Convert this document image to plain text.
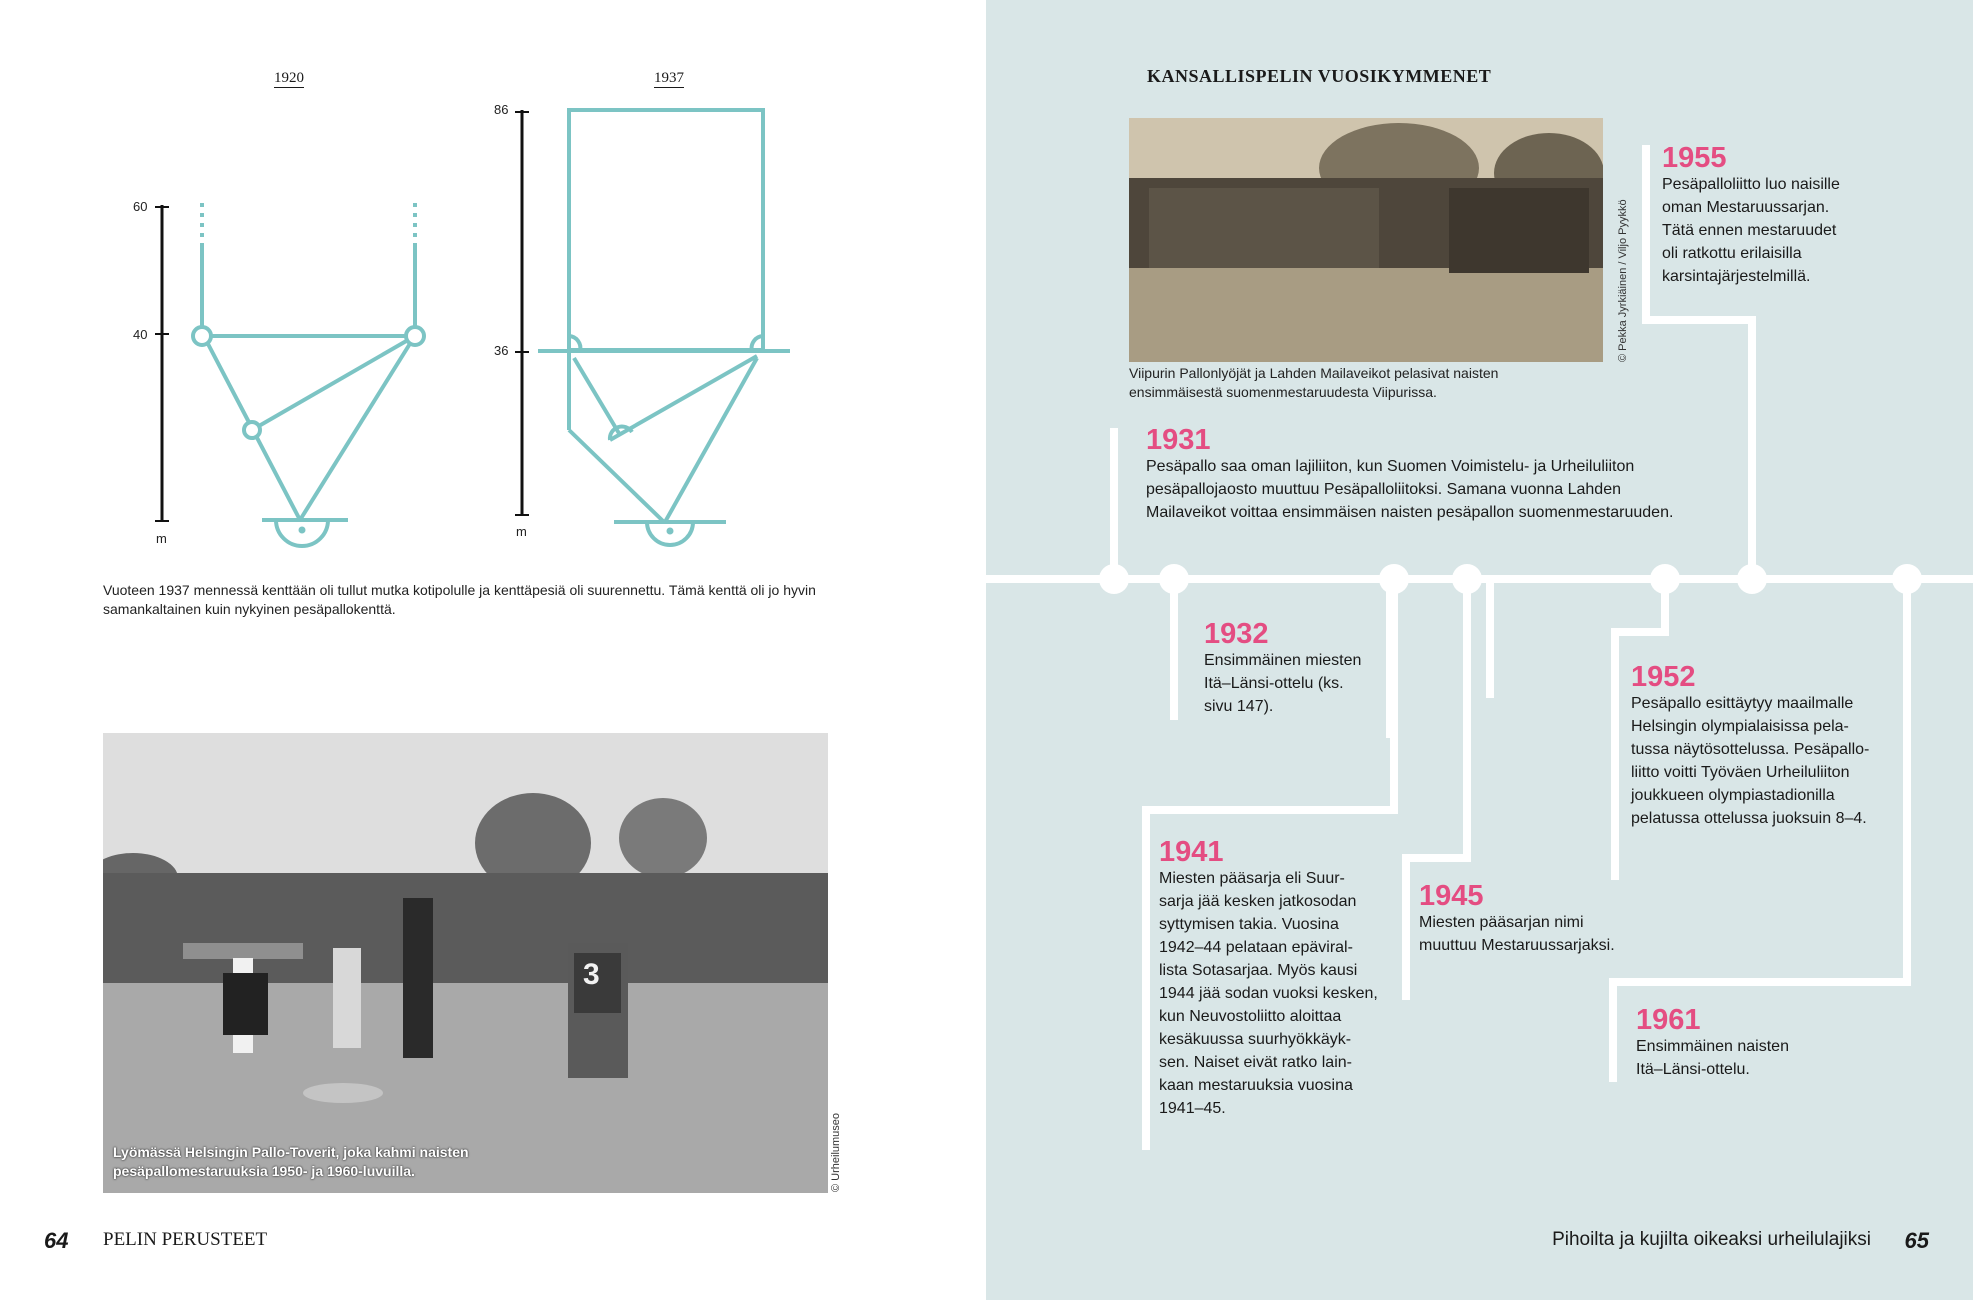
1920
60
40
m
1937
86
36
m
Vuoteen 1937 mennessä kenttään oli tullut mutka kotipolulle ja kenttäpesiä oli suurennettu. Tämä kenttä oli jo hyvin samankaltainen kuin nykyinen pesäpallokenttä.
3
Lyömässä Helsingin Pallo-Toverit, joka kahmi naisten
pesäpallomestaruuksia 1950- ja 1960-luvuilla.	© Urheilumuseo
64 PELIN PERUSTEET
KANSALLISPELIN VUOSIKYMMENET
© Pekka Jyrkiäinen / Viljo Pyykkö
Viipurin Pallonlyöjät ja Lahden Mailaveikot pelasivat naisten
ensimmäisestä suomenmestaruudesta Viipurissa.
1931
Pesäpallo saa oman lajiliiton, kun Suomen Voimistelu- ja Urheiluliiton
pesäpallojaosto muuttuu Pesäpalloliitoksi. Samana vuonna Lahden
Mailaveikot voittaa ensimmäisen naisten pesäpallon suomenmestaruuden.
1932
Ensimmäinen miesten
Itä–Länsi-ottelu (ks.
sivu 147).
1941
Miesten pääsarja eli Suur-
sarja jää kesken jatkosodan
syttymisen takia. Vuosina
1942–44 pelataan epäviral-
lista Sotasarjaa. Myös kausi
1944 jää sodan vuoksi kesken,
kun Neuvostoliitto aloittaa
kesäkuussa suurhyökkäyk-
sen. Naiset eivät ratko lain-
kaan mestaruuksia vuosina
1941–45.
1945
Miesten pääsarjan nimi
muuttuu Mestaruussarjaksi.
1952
Pesäpallo esittäytyy maailmalle
Helsingin olympialaisissa pela-
tussa näytösottelussa. Pesäpallo-
liitto voitti Työväen Urheiluliiton
joukkueen olympiastadionilla
pelatussa ottelussa juoksuin 8–4.
1955
Pesäpalloliitto luo naisille
oman Mestaruussarjan.
Tätä ennen mestaruudet
oli ratkottu erilaisilla
karsintajärjestelmillä.
1961
Ensimmäinen naisten
Itä–Länsi-ottelu.
Pihoilta ja kujilta oikeaksi urheilulajiksi 65
